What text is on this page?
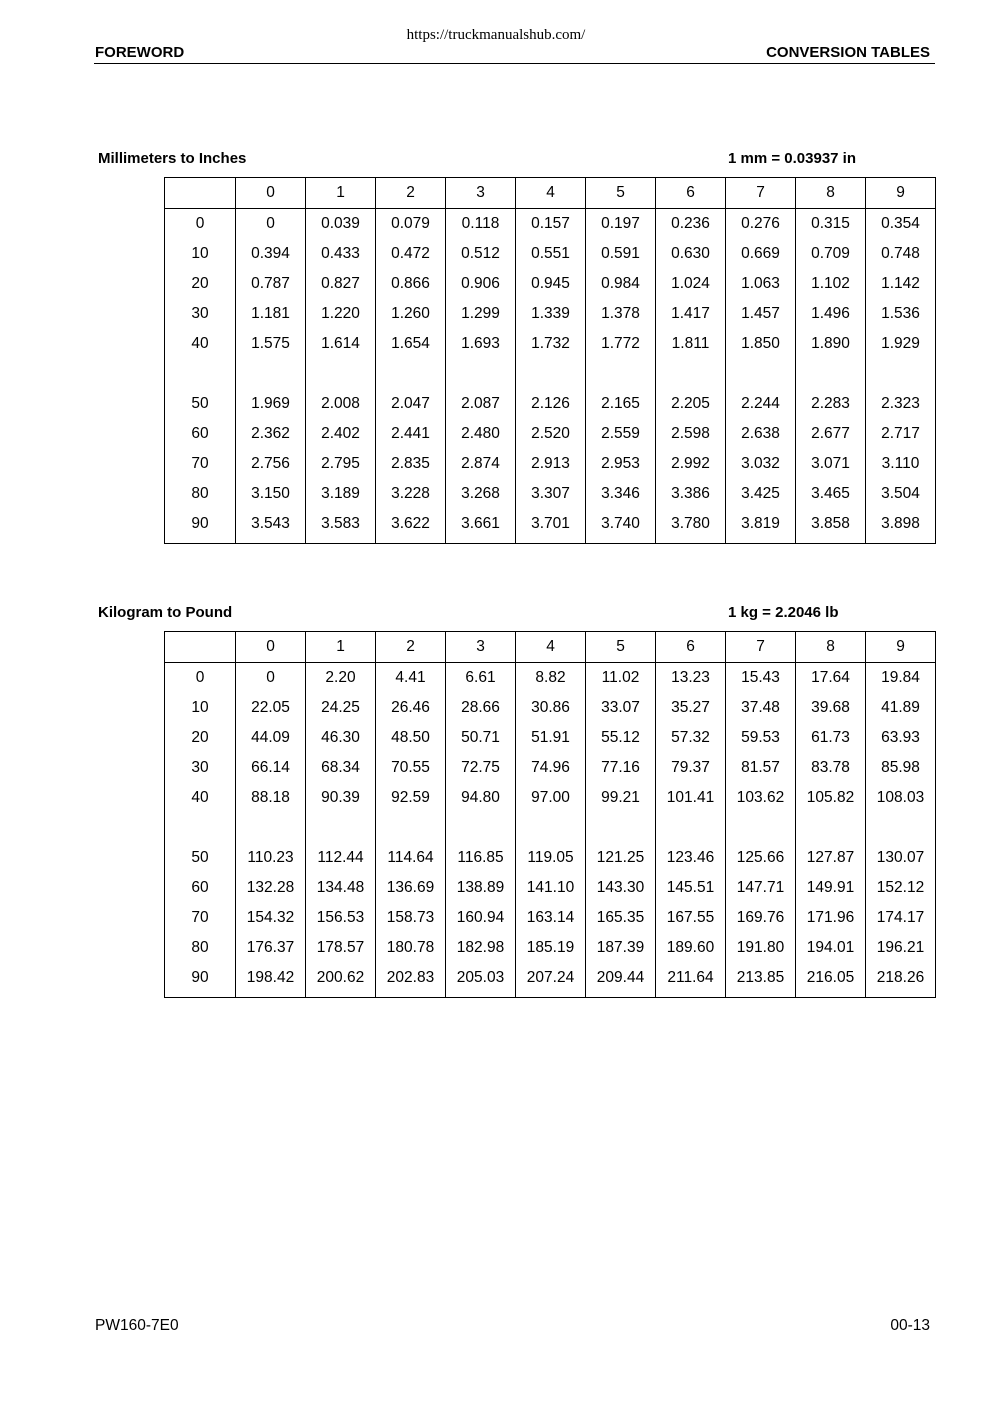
https://truckmanualshub.com/
FOREWORD	CONVERSION TABLES
Millimeters to Inches	1 mm = 0.03937 in
	0	1	2	3	4	5	6	7	8	9
0	0	0.039	0.079	0.118	0.157	0.197	0.236	0.276	0.315	0.354
10	0.394	0.433	0.472	0.512	0.551	0.591	0.630	0.669	0.709	0.748
20	0.787	0.827	0.866	0.906	0.945	0.984	1.024	1.063	1.102	1.142
30	1.181	1.220	1.260	1.299	1.339	1.378	1.417	1.457	1.496	1.536
40	1.575	1.614	1.654	1.693	1.732	1.772	1.811	1.850	1.890	1.929

50	1.969	2.008	2.047	2.087	2.126	2.165	2.205	2.244	2.283	2.323
60	2.362	2.402	2.441	2.480	2.520	2.559	2.598	2.638	2.677	2.717
70	2.756	2.795	2.835	2.874	2.913	2.953	2.992	3.032	3.071	3.110
80	3.150	3.189	3.228	3.268	3.307	3.346	3.386	3.425	3.465	3.504
90	3.543	3.583	3.622	3.661	3.701	3.740	3.780	3.819	3.858	3.898
Kilogram to Pound	1 kg = 2.2046 lb
	0	1	2	3	4	5	6	7	8	9
0	0	2.20	4.41	6.61	8.82	11.02	13.23	15.43	17.64	19.84
10	22.05	24.25	26.46	28.66	30.86	33.07	35.27	37.48	39.68	41.89
20	44.09	46.30	48.50	50.71	51.91	55.12	57.32	59.53	61.73	63.93
30	66.14	68.34	70.55	72.75	74.96	77.16	79.37	81.57	83.78	85.98
40	88.18	90.39	92.59	94.80	97.00	99.21	101.41	103.62	105.82	108.03

50	110.23	112.44	114.64	116.85	119.05	121.25	123.46	125.66	127.87	130.07
60	132.28	134.48	136.69	138.89	141.10	143.30	145.51	147.71	149.91	152.12
70	154.32	156.53	158.73	160.94	163.14	165.35	167.55	169.76	171.96	174.17
80	176.37	178.57	180.78	182.98	185.19	187.39	189.60	191.80	194.01	196.21
90	198.42	200.62	202.83	205.03	207.24	209.44	211.64	213.85	216.05	218.26
PW160-7E0	00-13
